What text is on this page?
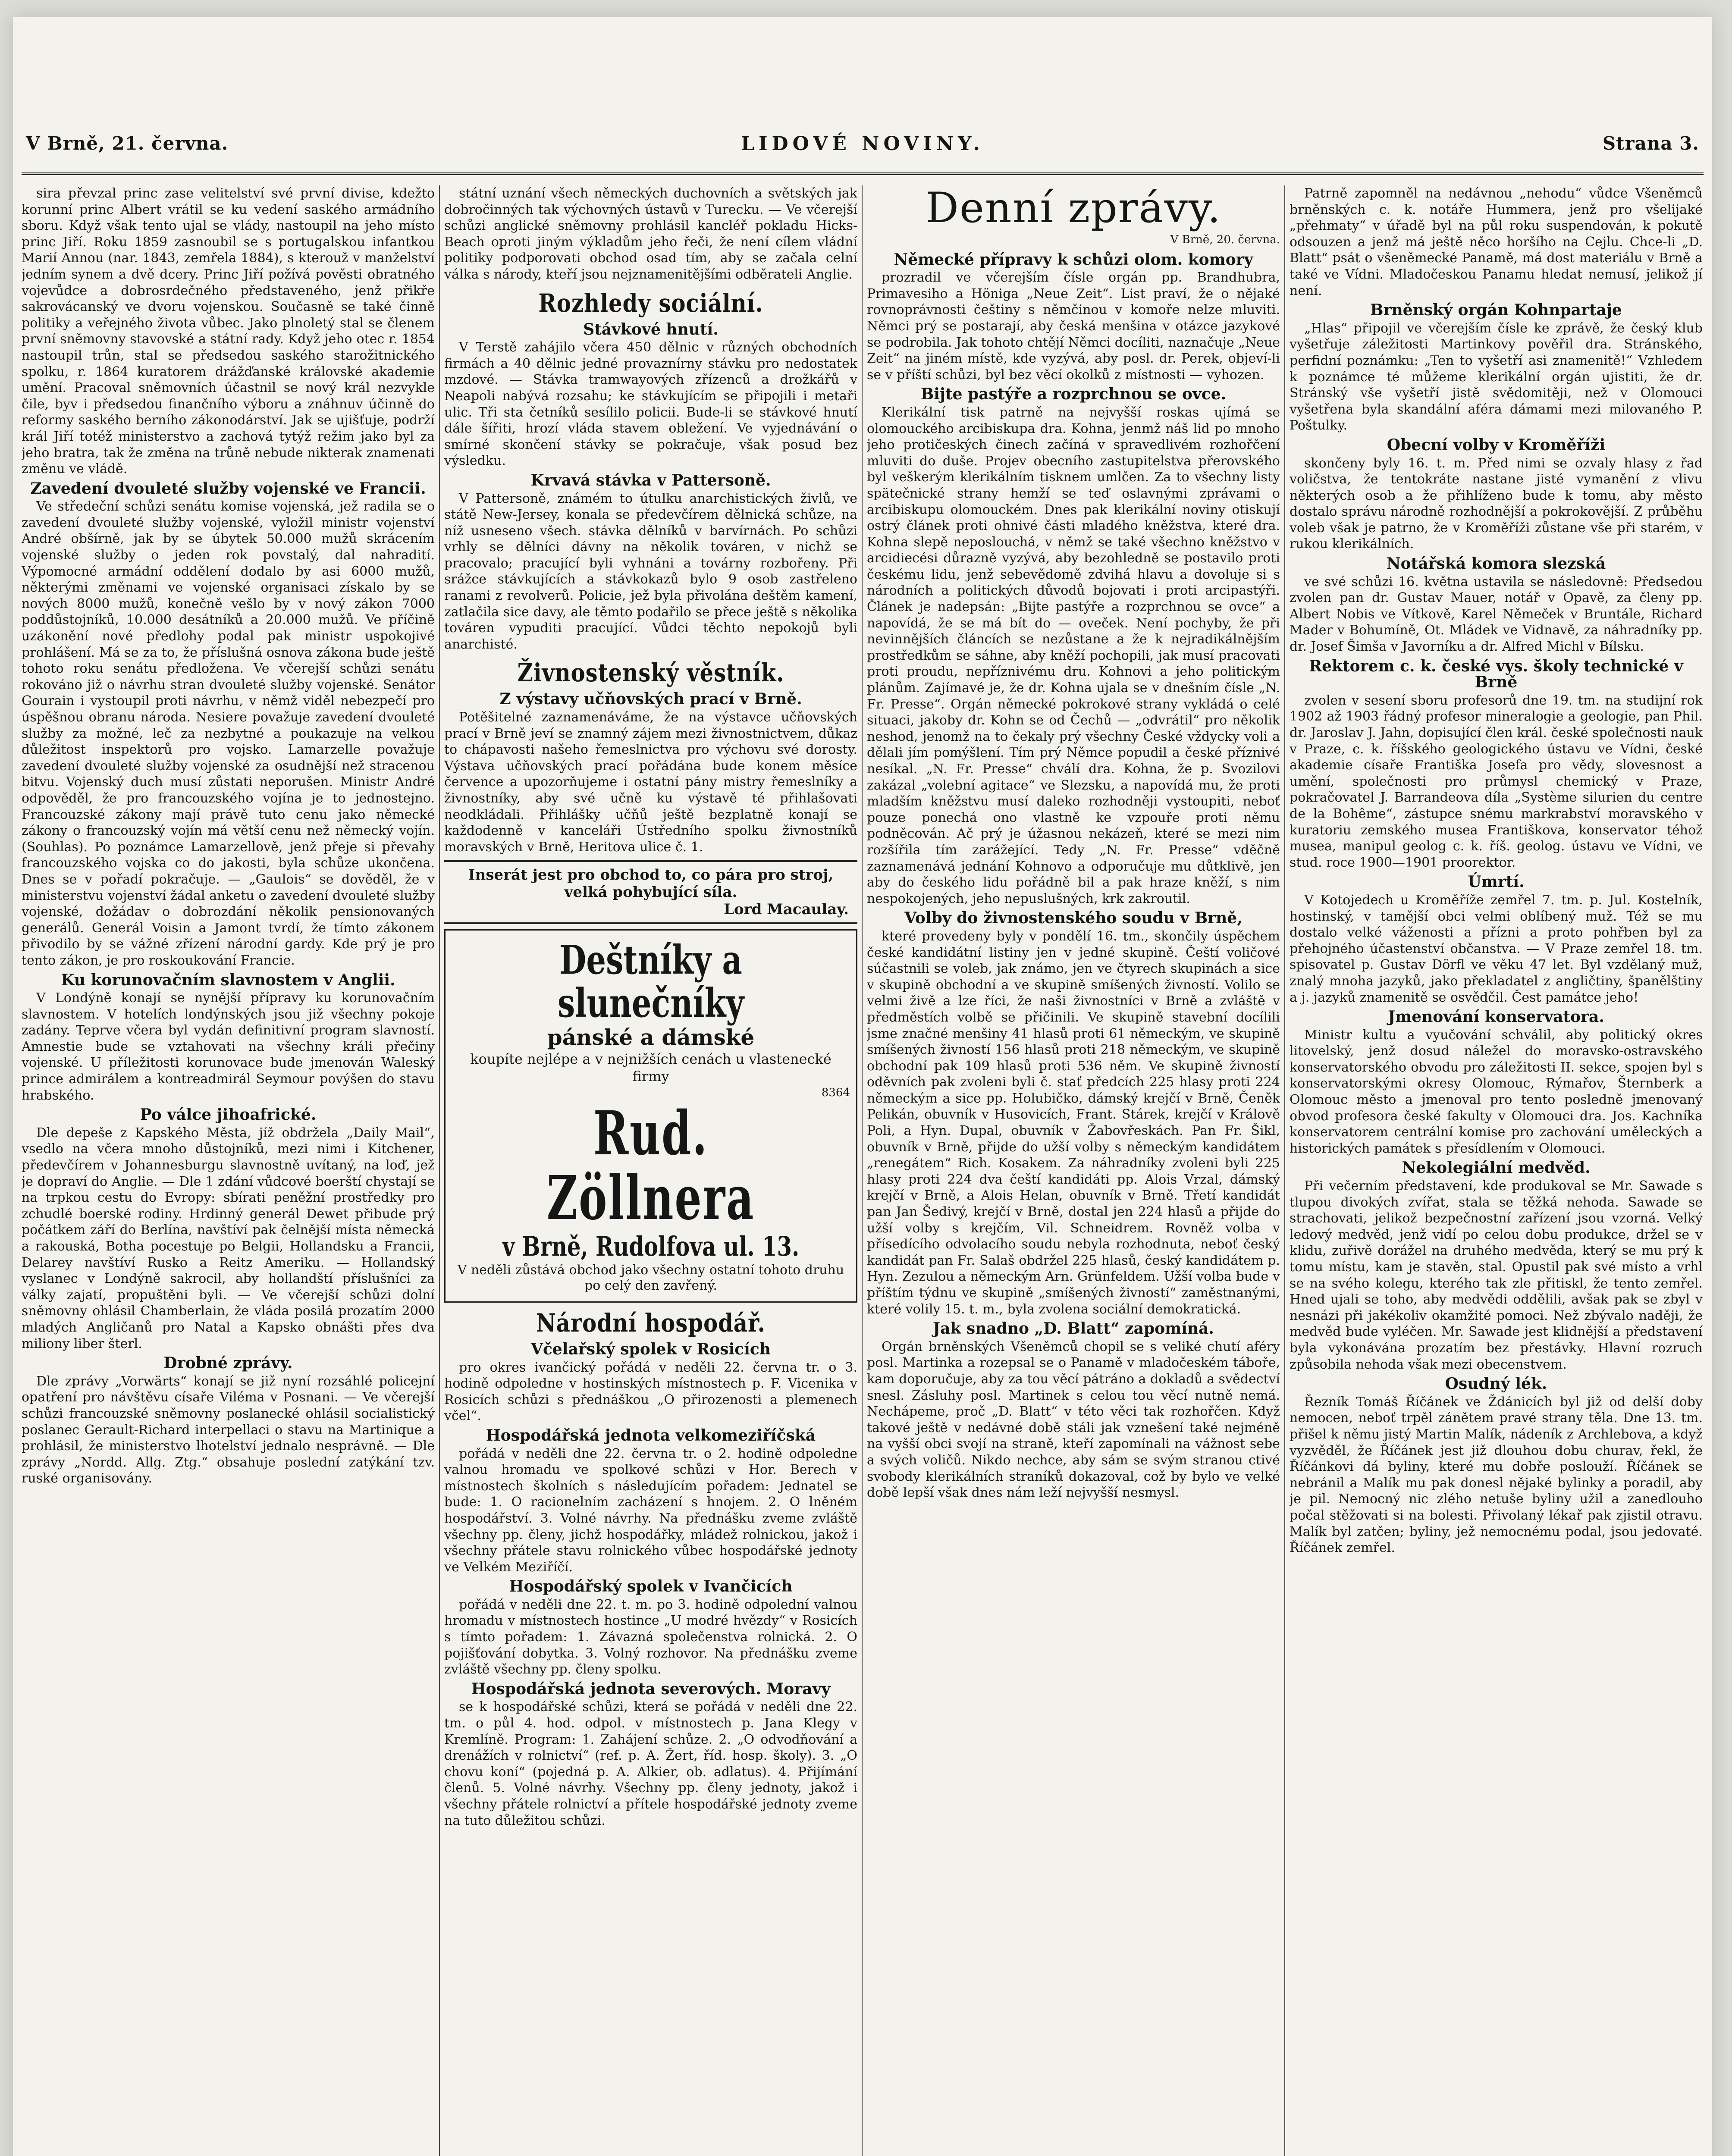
V Brně, 21. června.	LIDOVÉ NOVINY.	Strana 3.

sira převzal princ zase velitelství své první divise, kdežto korunní princ Albert vrátil se ku vedení saského armádního sboru. Když však tento ujal se vlády, nastoupil na jeho místo princ Jiří. Roku 1859 zasnoubil se s portugalskou infantkou Marií Annou (nar. 1843, zemřela 1884), s kterouž v manželství jedním synem a dvě dcery. Princ Jiří požívá pověsti obratného vojevůdce a dobrosrdečného představeného, jenž přikře sakrovácanský ve dvoru vojenskou. Současně se také činně politiky a veřejného života vůbec. Jako plnoletý stal se členem první sněmovny stavovské a státní rady. Když jeho otec r. 1854 nastoupil trůn, stal se předsedou saského starožitnického spolku, r. 1864 kuratorem drážďanské královské akademie umění. Pracoval sněmovních účastnil se nový král nezvykle čile, byv i předsedou finančního výboru a znáhnuv účinně do reformy saského berního zákonodárství. Jak se ujišťuje, podrží král Jiří totéž ministerstvo a zachová tytýž režim jako byl za jeho bratra, tak že změna na trůně nebude nikterak znamenati změnu ve vládě.

Zavedení dvouleté služby vojenské ve Francii.

Ve středeční schůzi senátu komise vojenská, jež radila se o zavedení dvouleté služby vojenské, vyložil ministr vojenství André obšírně, jak by se úbytek 50.000 mužů skrácením vojenské služby o jeden rok povstalý, dal nahradití. Výpomocné armádní oddělení dodalo by asi 6000 mužů, některými změnami ve vojenské organisaci získalo by se nových 8000 mužů, konečně vešlo by v nový zákon 7000 poddůstojníků, 10.000 desátníků a 20.000 mužů. Ve příčině uzákonění nové předlohy podal pak ministr uspokojivé prohlášení. Má se za to, že příslušná osnova zákona bude ještě tohoto roku senátu předložena. Ve včerejší schůzi senátu rokováno již o návrhu stran dvouleté služby vojenské. Senátor Gourain i vystoupil proti návrhu, v němž viděl nebezpečí pro úspěšnou obranu národa. Nesiere považuje zavedení dvouleté služby za možné, leč za nezbytné a poukazuje na velkou důležitost inspektorů pro vojsko. Lamarzelle považuje zavedení dvouleté služby vojenské za osudnější než stracenou bitvu. Vojenský duch musí zůstati neporušen. Ministr André odpověděl, že pro francouzského vojína je to jednostejno. Francouzské zákony mají právě tuto cenu jako německé zákony o francouzský vojín má větší cenu než německý vojín. (Souhlas). Po poznámce Lamarzellově, jenž přeje si převahy francouzského vojska co do jakosti, byla schůze ukončena. Dnes se v pořadí pokračuje. — „Gaulois“ se dověděl, že v ministerstvu vojenství žádal anketu o zavedení dvouleté služby vojenské, dožádav o dobrozdání několik pensionovaných generálů. Generál Voisin a Jamont tvrdí, že tímto zákonem přivodilo by se vážné zřízení národní gardy. Kde prý je pro tento zákon, je pro roskoukování Francie.

Ku korunovačním slavnostem v Anglii.

V Londýně konají se nynější přípravy ku korunovačním slavnostem. V hotelích londýnských jsou již všechny pokoje zadány. Teprve včera byl vydán definitivní program slavností. Amnestie bude se vztahovati na všechny králi přečiny vojenské. U příležitosti korunovace bude jmenován Waleský prince admirálem a kontreadmirál Seymour povýšen do stavu hrabského.

Po válce jihoafrické.

Dle depeše z Kapského Města, jíž obdržela „Daily Mail“, vsedlo na včera mnoho důstojníků, mezi nimi i Kitchener, předevčírem v Johannesburgu slavnostně uvítaný, na loď, jež je dopraví do Anglie. — Dle 1 zdání vůdcové boerští chystají se na trpkou cestu do Evropy: sbírati peněžní prostředky pro zchudlé boerské rodiny. Hrdinný generál Dewet přibude prý počátkem září do Berlína, navštíví pak čelnější místa německá a rakouská, Botha pocestuje po Belgii, Hollandsku a Francii, Delarey navštíví Rusko a Reitz Ameriku. — Hollandský vyslanec v Londýně sakrocil, aby hollandští příslušníci za války zajatí, propuštěni byli. — Ve včerejší schůzi dolní sněmovny ohlásil Chamberlain, že vláda posilá prozatím 2000 mladých Angličanů pro Natal a Kapsko obnášti přes dva miliony liber šterl.

Drobné zprávy.

Dle zprávy „Vorwärts“ konají se již nyní rozsáhlé policejní opatření pro návštěvu císaře Viléma v Posnani. — Ve včerejší schůzi francouzské sněmovny poslanecké ohlásil socialistický poslanec Gerault-Richard interpellaci o stavu na Martinique a prohlásil, že ministerstvo lhotelství jednalo nesprávně. — Dle zprávy „Nordd. Allg. Ztg.“ obsahuje poslední zatýkání tzv. ruské organisovány.

státní uznání všech německých duchovních a světských jak dobročinných tak výchovných ústavů v Turecku. — Ve včerejší schůzi anglické sněmovny prohlásil kancléř pokladu Hicks-Beach oproti jiným výkladům jeho řeči, že není cílem vládní politiky podporovati obchod osad tím, aby se začala celní válka s národy, kteří jsou nejznamenitějšími odběrateli Anglie.

Rozhledy sociální.
Stávkové hnutí.

V Terstě zahájilo včera 450 dělnic v různých obchodních firmách a 40 dělnic jedné provaznírny stávku pro nedostatek mzdové. — Stávka tramwayových zřízenců a drožkářů v Neapoli nabývá rozsahu; ke stávkujícím se připojili i metaři ulic. Tři sta četníků sesílilo policii. Bude-li se stávkové hnutí dále šířiti, hrozí vláda stavem obležení. Ve vyjednávání o smírné skončení stávky se pokračuje, však posud bez výsledku.

Krvavá stávka v Pattersoně.

V Pattersoně, známém to útulku anarchistických živlů, ve státě New-Jersey, konala se předevčírem dělnická schůze, na níž usneseno všech. stávka dělníků v barvírnách. Po schůzi vrhly se dělníci dávny na několik továren, v nichž se pracovalo; pracující byli vyhnáni a továrny rozbořeny. Při srážce stávkujících a stávkokazů bylo 9 osob zastřeleno ranami z revolverů. Policie, jež byla přivolána deštěm kamení, zatlačila sice davy, ale těmto podařilo se přece ještě s několika továren vypuditi pracující. Vůdci těchto nepokojů byli anarchisté.

Živnostenský věstník.
Z výstavy učňovských prací v Brně.

Potěšitelné zaznamenáváme, že na výstavce učňovských prací v Brně jeví se znamný zájem mezi živnostnictvem, důkaz to chápavosti našeho řemeslnictva pro výchovu své dorosty. Výstava učňovských prací pořádána bude konem měsíce července a upozorňujeme i ostatní pány mistry řemeslníky a živnostníky, aby své učně ku výstavě té přihlašovati neodkládali. Přihlášky učňů ještě bezplatně konají se každodenně v kanceláři Ústředního spolku živnostníků moravských v Brně, Heritova ulice č. 1.

Inserát jest pro obchod to, co pára pro stroj, velká pohybující síla.
Lord Macaulay.
Deštníky a slunečníky
pánské a dámské
koupíte nejlépe a v nejnižších cenách u vlastenecké firmy
8364
Rud. Zöllnera
v Brně, Rudolfova ul. 13.
V neděli zůstává obchod jako všechny ostatní tohoto druhu po celý den zavřený.
Národní hospodář.
Včelařský spolek v Rosicích

pro okres ivančický pořádá v neděli 22. června tr. o 3. hodině odpoledne v hostinských místnostech p. F. Vicenika v Rosicích schůzi s přednáškou „O přirozenosti a plemenech včel“.

Hospodářská jednota velkomeziříčská

pořádá v neděli dne 22. června tr. o 2. hodině odpoledne valnou hromadu ve spolkové schůzi v Hor. Berech v místnostech školních s následujícím pořadem: Jednatel se bude: 1. O racionelním zacházení s hnojem. 2. O lněném hospodářství. 3. Volné návrhy. Na přednášku zveme zvláště všechny pp. členy, jichž hospodářky, mládež rolnickou, jakož i všechny přátele stavu rolnického vůbec hospodářské jednoty ve Velkém Meziříčí.

Hospodářský spolek v Ivančicích

pořádá v neděli dne 22. t. m. po 3. hodině odpolední valnou hromadu v místnostech hostince „U modré hvězdy“ v Rosicích s tímto pořadem: 1. Závazná společenstva rolnická. 2. O pojišťování dobytka. 3. Volný rozhovor. Na přednášku zveme zvláště všechny pp. členy spolku.

Hospodářská jednota severových. Moravy

se k hospodářské schůzi, která se pořádá v neděli dne 22. tm. o půl 4. hod. odpol. v místnostech p. Jana Klegy v Kremlíně. Program: 1. Zahájení schůze. 2. „O odvodňování a drenážích v rolnictví“ (ref. p. A. Žert, říd. hosp. školy). 3. „O chovu koní“ (pojedná p. A. Alkier, ob. adlatus). 4. Přijímání členů. 5. Volné návrhy. Všechny pp. členy jednoty, jakož i všechny přátele rolnictví a přítele hospodářské jednoty zveme na tuto důležitou schůzi.

Denní zprávy.
V Brně, 20. června.
Německé přípravy k schůzi olom. komory

prozradil ve včerejším čísle orgán pp. Brandhubra, Primavesiho a Höniga „Neue Zeit“. List praví, že o nějaké rovnoprávnosti češtiny s němčinou v komoře nelze mluviti. Němci prý se postarají, aby česká menšina v otázce jazykové se podrobila. Jak tohoto chtějí Němci docíliti, naznačuje „Neue Zeit“ na jiném místě, kde vyzývá, aby posl. dr. Perek, objeví-li se v příští schůzi, byl bez věcí okolků z místnosti — vyhozen.

Bijte pastýře a rozprchnou se ovce.

Klerikální tisk patrně na nejvyšší roskas ujímá se olomouckého arcibiskupa dra. Kohna, jenmž náš lid po mnoho jeho protičeských činech začíná v spravedlivém rozhořčení mluviti do duše. Projev obecního zastupitelstva přerovského byl veškerým klerikálním tisknem umlčen. Za to všechny listy spätečnické strany hemží se teď oslavnými zprávami o arcibiskupu olomouckém. Dnes pak klerikální noviny otiskují ostrý článek proti ohnivé části mladého kněžstva, které dra. Kohna slepě neposlouchá, v němž se také všechno kněžstvo v arcidiecési důrazně vyzývá, aby bezohledně se postavilo proti českému lidu, jenž sebevědomě zdvihá hlavu a dovoluje si s národních a politických důvodů bojovati i proti arcipastýři. Článek je nadepsán: „Bijte pastýře a rozprchnou se ovce“ a napovídá, že se má bít do — oveček. Není pochyby, že při nevinnějších článcích se nezůstane a že k nejradikálnějším prostředkům se sáhne, aby kněží pochopili, jak musí pracovati proti proudu, nepříznivému dru. Kohnovi a jeho politickým plánům. Zajímavé je, že dr. Kohna ujala se v dnešním čísle „N. Fr. Presse“. Orgán německé pokrokové strany vykládá o celé situaci, jakoby dr. Kohn se od Čechů — „odvrátil“ pro několik neshod, jenomž na to čekaly prý všechny České vždycky voli a dělali jím pomýšlení. Tím prý Němce popudil a české příznivé nesíkal. „N. Fr. Presse“ chválí dra. Kohna, že p. Svozilovi zakázal „volební agitace“ ve Slezsku, a napovídá mu, že proti mladším kněžstvu musí daleko rozhodněji vystoupiti, neboť pouze ponechá ono vlastně ke vzpouře proti němu podněcován. Ač prý je úžasnou nekázeň, které se mezi nim rozšířila tím zarážející. Tedy „N. Fr. Presse“ vděčně zaznamenává jednání Kohnovo a odporučuje mu důtklivě, jen aby do českého lidu pořádně bil a pak hraze kněží, s nim nespokojených, jeho nepuslušných, krk zakroutil.

Volby do živnostenského soudu v Brně,

které provedeny byly v pondělí 16. tm., skončily úspěchem české kandidátní listiny jen v jedné skupině. Čeští voličové súčastnili se voleb, jak známo, jen ve čtyrech skupinách a sice v skupině obchodní a ve skupině smíšených živností. Volilo se velmi živě a lze říci, že naši živnostníci v Brně a zvláště v předměstích volbě se přičinili. Ve skupině stavební docílili jsme značné menšiny 41 hlasů proti 61 německým, ve skupině smíšených živností 156 hlasů proti 218 německým, ve skupině obchodní pak 109 hlasů proti 536 něm. Ve skupině živností oděvních pak zvoleni byli č. stať předcích 225 hlasy proti 224 německým a sice pp. Holubičko, dámský krejčí v Brně, Čeněk Pelikán, obuvník v Husovicích, Frant. Stárek, krejčí v Králově Poli, a Hyn. Dupal, obuvník v Žabovřeskách. Pan Fr. Šikl, obuvník v Brně, přijde do užší volby s německým kandidátem „renegátem“ Rich. Kosakem. Za náhradníky zvoleni byli 225 hlasy proti 224 dva čeští kandidáti pp. Alois Vrzal, dámský krejčí v Brně, a Alois Helan, obuvník v Brně. Třetí kandidát pan Jan Šedivý, krejčí v Brně, dostal jen 224 hlasů a přijde do užší volby s krejčím, Vil. Schneidrem. Rovněž volba v přísedícího odvolacího soudu nebyla rozhodnuta, neboť český kandidát pan Fr. Salaš obdržel 225 hlasů, český kandidátem p. Hyn. Zezulou a německým Arn. Grünfeldem. Užší volba bude v příštím týdnu ve skupině „smíšených živností“ zaměstnanými, které volily 15. t. m., byla zvolena sociální demokratická.

Jak snadno „D. Blatt“ zapomíná.

Orgán brněnských Všeněmců chopil se s veliké chutí aféry posl. Martinka a rozepsal se o Panamě v mladočeském táboře, kam doporučuje, aby za tou věcí pátráno a dokladů a svědectví snesl. Zásluhy posl. Martinek s celou tou věcí nutně nemá. Nechápeme, proč „D. Blatt“ v této věci tak rozhořčen. Když takové ještě v nedávné době stáli jak vznešení také nejméně na vyšší obci svojí na straně, kteří zapomínali na vážnost sebe a svých voličů. Nikdo nechce, aby sám se svým stranou ctivé svobody klerikálních straníků dokazoval, což by bylo ve velké době lepší však dnes nám leží nejvyšší nesmysl.

Patrně zapomněl na nedávnou „nehodu“ vůdce Všeněmců brněnských c. k. notáře Hummera, jenž pro všelijaké „přehmaty“ v úřadě byl na půl roku suspendován, k pokutě odsouzen a jenž má ještě něco horšího na Cejlu. Chce-li „D. Blatt“ psát o všeněmecké Panamě, má dost materiálu v Brně a také ve Vídni. Mladočeskou Panamu hledat nemusí, jelikož jí není.

Brněnský orgán Kohnpartaje

„Hlas“ připojil ve včerejším čísle ke zprávě, že český klub vyšetřuje záležitosti Martinkovy pověřil dra. Stránského, perfidní poznámku: „Ten to vyšetří asi znamenitě!“ Vzhledem k poznámce té můžeme klerikální orgán ujistiti, že dr. Stránský vše vyšetří jistě svědomitěji, než v Olomouci vyšetřena byla skandální aféra dámami mezi milovaného P. Poštulky.

Obecní volby v Kroměříži

skončeny byly 16. t. m. Před nimi se ozvaly hlasy z řad voličstva, že tentokráte nastane jisté vymanění z vlivu některých osob a že přihlíženo bude k tomu, aby město dostalo správu národně rozhodnější a pokrokovější. Z průběhu voleb však je patrno, že v Kroměříži zůstane vše při starém, v rukou klerikálních.

Notářská komora slezská

ve své schůzi 16. května ustavila se následovně: Předsedou zvolen pan dr. Gustav Mauer, notář v Opavě, za členy pp. Albert Nobis ve Vítkově, Karel Němeček v Bruntále, Richard Mader v Bohumíně, Ot. Mládek ve Vidnavě, za náhradníky pp. dr. Josef Šimša v Javorníku a dr. Alfred Michl v Bílsku.

Rektorem c. k. české vys. školy technické v Brně

zvolen v sesení sboru profesorů dne 19. tm. na studijní rok 1902 až 1903 řádný profesor mineralogie a geologie, pan Phil. dr. Jaroslav J. Jahn, dopisující člen král. české společnosti nauk v Praze, c. k. říšského geologického ústavu ve Vídni, české akademie císaře Františka Josefa pro vědy, slovesnost a umění, společnosti pro průmysl chemický v Praze, pokračovatel J. Barrandeova díla „Système silurien du centre de la Bohême“, zástupce snému markrabství moravského v kuratoriu zemského musea Františkova, konservator téhož musea, manipul geolog c. k. říš. geolog. ústavu ve Vídni, ve stud. roce 1900—1901 proorektor.

Úmrtí.

V Kotojedech u Kroměříže zemřel 7. tm. p. Jul. Kostelník, hostinský, v tamější obci velmi oblíbený muž. Též se mu dostalo velké váženosti a přízni a proto pohřben byl za přehojného účastenství občanstva. — V Praze zemřel 18. tm. spisovatel p. Gustav Dörfl ve věku 47 let. Byl vzdělaný muž, znalý mnoha jazyků, jako překladatel z angličtiny, španělštiny a j. jazyků znamenitě se osvědčil. Čest památce jeho!

Jmenování konservatora.

Ministr kultu a vyučování schválil, aby politický okres litovelský, jenž dosud náležel do moravsko-ostravského konservatorského obvodu pro záležitosti II. sekce, spojen byl s konservatorskými okresy Olomouc, Rýmařov, Šternberk a Olomouc město a jmenoval pro tento posledně jmenovaný obvod profesora české fakulty v Olomouci dra. Jos. Kachníka konservatorem centrální komise pro zachování uměleckých a historických památek s přesídlením v Olomouci.

Nekolegiální medvěd.

Při večerním představení, kde produkoval se Mr. Sawade s tlupou divokých zvířat, stala se těžká nehoda. Sawade se strachovati, jelikož bezpečnostní zařízení jsou vzorná. Velký ledový medvěd, jenž vidí po celou dobu produkce, držel se v klidu, zuřivě dorážel na druhého medvěda, který se mu prý k tomu místu, kam je stavěn, stal. Opustil pak své místo a vrhl se na svého kolegu, kterého tak zle přitiskl, že tento zemřel. Hned ujali se toho, aby medvědi oddělili, avšak pak se zbyl v nesnázi při jakékoliv okamžité pomoci. Než zbývalo naději, že medvěd bude vyléčen. Mr. Sawade jest klidnější a představení byla vykonávána prozatím bez přestávky. Hlavní rozruch způsobila nehoda však mezi obecenstvem.

Osudný lék.

Řezník Tomáš Říčánek ve Ždánicích byl již od delší doby nemocen, neboť trpěl zánětem pravé strany těla. Dne 13. tm. přišel k němu jistý Martin Malík, nádeník z Archlebova, a když vyzvěděl, že Říčánek jest již dlouhou dobu churav, řekl, že Říčánkovi dá byliny, které mu dobře poslouží. Říčánek se nebránil a Malík mu pak donesl nějaké bylinky a poradil, aby je pil. Nemocný nic zlého netuše byliny užil a zanedlouho počal stěžovati si na bolesti. Přivolaný lékař pak zjistil otravu. Malík byl zatčen; byliny, jež nemocnému podal, jsou jedovaté. Říčánek zemřel.
